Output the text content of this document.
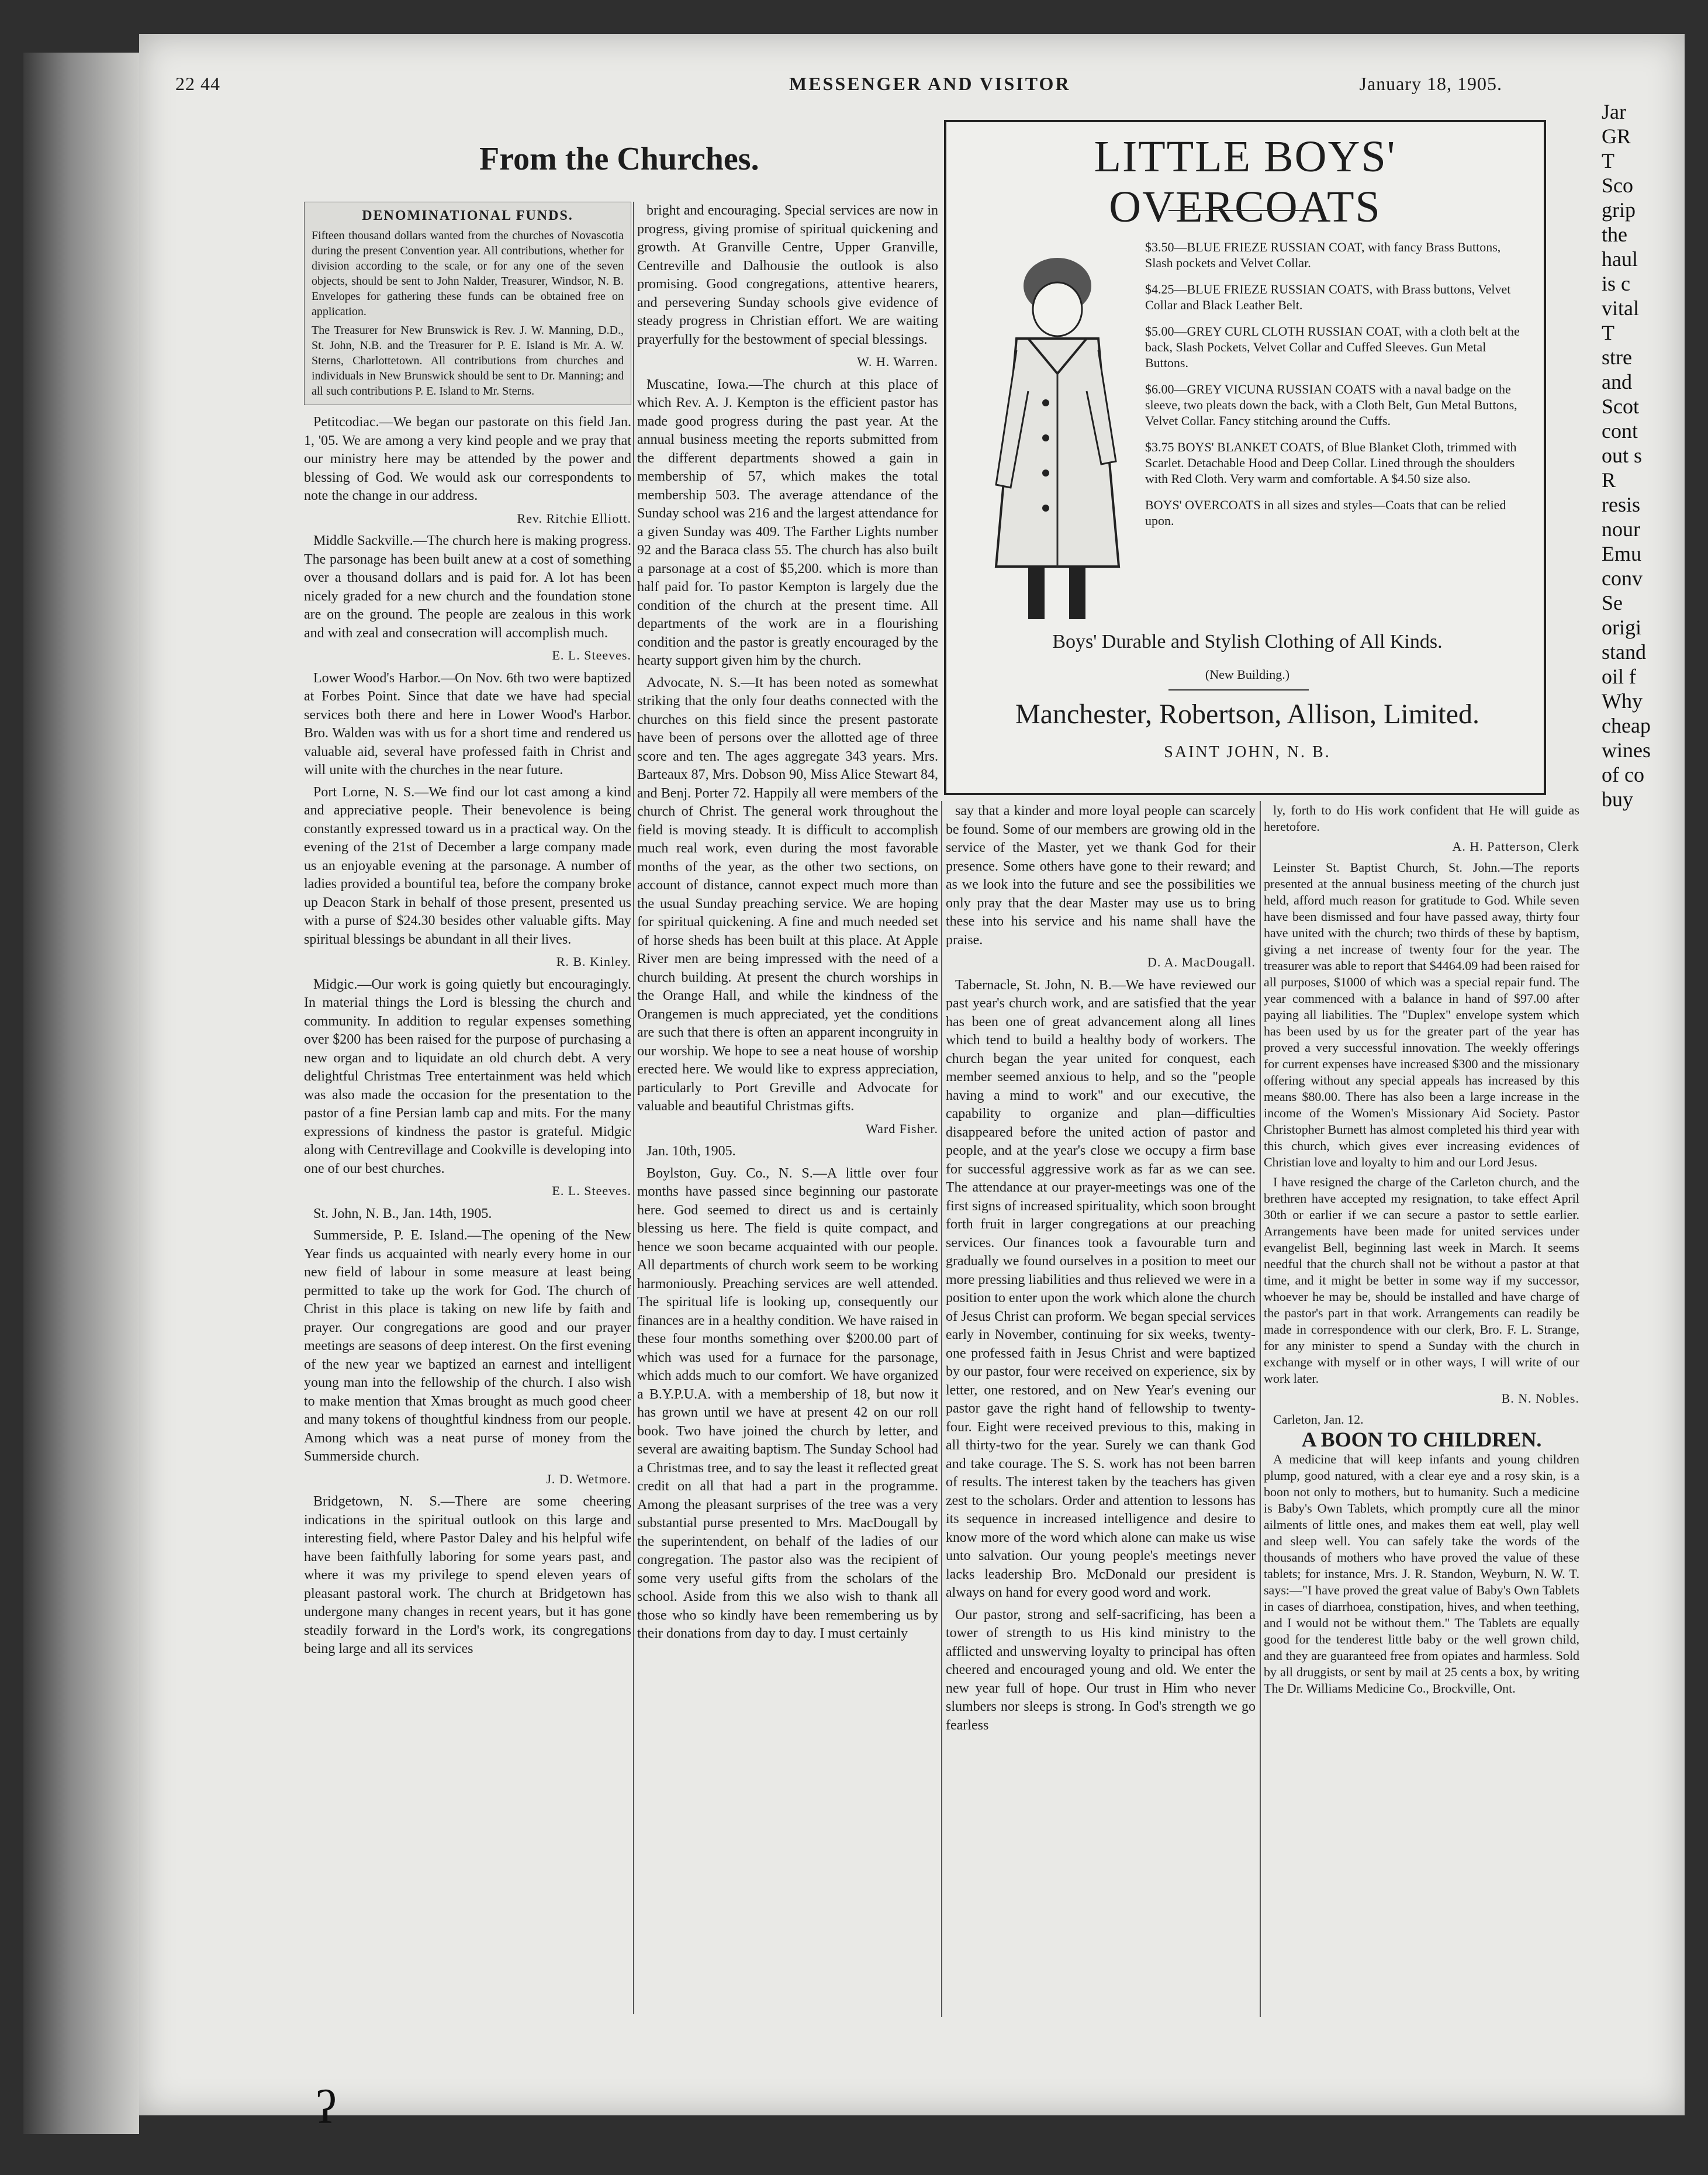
22 44	MESSENGER AND VISITOR	January 18, 1905.
From the Churches.
DENOMINATIONAL FUNDS.
Fifteen thousand dollars wanted from the churches of Novascotia during the present Convention year. All contributions, whether for division according to the scale, or for any one of the seven objects, should be sent to John Nalder, Treasurer, Windsor, N. B. Envelopes for gathering these funds can be obtained free on application.
The Treasurer for New Brunswick is Rev. J. W. Manning, D.D., St. John, N.B. and the Treasurer for P. E. Island is Mr. A. W. Sterns, Charlottetown. All contributions from churches and individuals in New Brunswick should be sent to Dr. Manning; and all such contributions P. E. Island to Mr. Sterns.

Petitcodiac.—We began our pastorate on this field Jan. 1, '05. We are among a very kind people and we pray that our ministry here may be attended by the power and blessing of God. We would ask our correspondents to note the change in our address.

Rev. Ritchie Elliott.

Middle Sackville.—The church here is making progress. The parsonage has been built anew at a cost of something over a thousand dollars and is paid for. A lot has been nicely graded for a new church and the foundation stone are on the ground. The people are zealous in this work and with zeal and consecration will accomplish much.

E. L. Steeves.

Lower Wood's Harbor.—On Nov. 6th two were baptized at Forbes Point. Since that date we have had special services both there and here in Lower Wood's Harbor. Bro. Walden was with us for a short time and rendered us valuable aid, several have professed faith in Christ and will unite with the churches in the near future.

Port Lorne, N. S.—We find our lot cast among a kind and appreciative people. Their benevolence is being constantly expressed toward us in a practical way. On the evening of the 21st of December a large company made us an enjoyable evening at the parsonage. A number of ladies provided a bountiful tea, before the company broke up Deacon Stark in behalf of those present, presented us with a purse of $24.30 besides other valuable gifts. May spiritual blessings be abundant in all their lives.

R. B. Kinley.

Midgic.—Our work is going quietly but encouragingly. In material things the Lord is blessing the church and community. In addition to regular expenses something over $200 has been raised for the purpose of purchasing a new organ and to liquidate an old church debt. A very delightful Christmas Tree entertainment was held which was also made the occasion for the presentation to the pastor of a fine Persian lamb cap and mits. For the many expressions of kindness the pastor is grateful. Midgic along with Centrevillage and Cookville is developing into one of our best churches.

E. L. Steeves.

St. John, N. B., Jan. 14th, 1905.

Summerside, P. E. Island.—The opening of the New Year finds us acquainted with nearly every home in our new field of labour in some measure at least being permitted to take up the work for God. The church of Christ in this place is taking on new life by faith and prayer. Our congregations are good and our prayer meetings are seasons of deep interest. On the first evening of the new year we baptized an earnest and intelligent young man into the fellowship of the church. I also wish to make mention that Xmas brought as much good cheer and many tokens of thoughtful kindness from our people. Among which was a neat purse of money from the Summerside church.

J. D. Wetmore.

Bridgetown, N. S.—There are some cheering indications in the spiritual outlook on this large and interesting field, where Pastor Daley and his helpful wife have been faithfully laboring for some years past, and where it was my privilege to spend eleven years of pleasant pastoral work. The church at Bridgetown has undergone many changes in recent years, but it has gone steadily forward in the Lord's work, its congregations being large and all its services

bright and encouraging. Special services are now in progress, giving promise of spiritual quickening and growth. At Granville Centre, Upper Granville, Centreville and Dalhousie the outlook is also promising. Good congregations, attentive hearers, and persevering Sunday schools give evidence of steady progress in Christian effort. We are waiting prayerfully for the bestowment of special blessings.

W. H. Warren.

Muscatine, Iowa.—The church at this place of which Rev. A. J. Kempton is the efficient pastor has made good progress during the past year. At the annual business meeting the reports submitted from the different departments showed a gain in membership of 57, which makes the total membership 503. The average attendance of the Sunday school was 216 and the largest attendance for a given Sunday was 409. The Farther Lights number 92 and the Baraca class 55. The church has also built a parsonage at a cost of $5,200. which is more than half paid for. To pastor Kempton is largely due the condition of the church at the present time. All departments of the work are in a flourishing condition and the pastor is greatly encouraged by the hearty support given him by the church.

Advocate, N. S.—It has been noted as somewhat striking that the only four deaths connected with the churches on this field since the present pastorate have been of persons over the allotted age of three score and ten. The ages aggregate 343 years. Mrs. Barteaux 87, Mrs. Dobson 90, Miss Alice Stewart 84, and Benj. Porter 72. Happily all were members of the church of Christ. The general work throughout the field is moving steady. It is difficult to accomplish much real work, even during the most favorable months of the year, as the other two sections, on account of distance, cannot expect much more than the usual Sunday preaching service. We are hoping for spiritual quickening. A fine and much needed set of horse sheds has been built at this place. At Apple River men are being impressed with the need of a church building. At present the church worships in the Orange Hall, and while the kindness of the Orangemen is much appreciated, yet the conditions are such that there is often an apparent incongruity in our worship. We hope to see a neat house of worship erected here. We would like to express appreciation, particularly to Port Greville and Advocate for valuable and beautiful Christmas gifts.

Ward Fisher.

Jan. 10th, 1905.

Boylston, Guy. Co., N. S.—A little over four months have passed since beginning our pastorate here. God seemed to direct us and is certainly blessing us here. The field is quite compact, and hence we soon became acquainted with our people. All departments of church work seem to be working harmoniously. Preaching services are well attended. The spiritual life is looking up, consequently our finances are in a healthy condition. We have raised in these four months something over $200.00 part of which was used for a furnace for the parsonage, which adds much to our comfort. We have organized a B.Y.P.U.A. with a membership of 18, but now it has grown until we have at present 42 on our roll book. Two have joined the church by letter, and several are awaiting baptism. The Sunday School had a Christmas tree, and to say the least it reflected great credit on all that had a part in the programme. Among the pleasant surprises of the tree was a very substantial purse presented to Mrs. MacDougall by the superintendent, on behalf of the ladies of our congregation. The pastor also was the recipient of some very useful gifts from the scholars of the school. Aside from this we also wish to thank all those who so kindly have been remembering us by their donations from day to day. I must certainly

LITTLE BOYS' OVERCOATS

$3.50—BLUE FRIEZE RUSSIAN COAT, with fancy Brass Buttons, Slash pockets and Velvet Collar.

$4.25—BLUE FRIEZE RUSSIAN COATS, with Brass buttons, Velvet Collar and Black Leather Belt.

$5.00—GREY CURL CLOTH RUSSIAN COAT, with a cloth belt at the back, Slash Pockets, Velvet Collar and Cuffed Sleeves. Gun Metal Buttons.

$6.00—GREY VICUNA RUSSIAN COATS with a naval badge on the sleeve, two pleats down the back, with a Cloth Belt, Gun Metal Buttons, Velvet Collar. Fancy stitching around the Cuffs.

$3.75 BOYS' BLANKET COATS, of Blue Blanket Cloth, trimmed with Scarlet. Detachable Hood and Deep Collar. Lined through the shoulders with Red Cloth. Very warm and comfortable. A $4.50 size also.

BOYS' OVERCOATS in all sizes and styles—Coats that can be relied upon.

Boys' Durable and Stylish Clothing of All Kinds.
(New Building.)
Manchester, Robertson, Allison, Limited.
SAINT JOHN, N. B.

say that a kinder and more loyal people can scarcely be found. Some of our members are growing old in the service of the Master, yet we thank God for their presence. Some others have gone to their reward; and as we look into the future and see the possibilities we only pray that the dear Master may use us to bring these into his service and his name shall have the praise.

D. A. MacDougall.

Tabernacle, St. John, N. B.—We have reviewed our past year's church work, and are satisfied that the year has been one of great advancement along all lines which tend to build a healthy body of workers. The church began the year united for conquest, each member seemed anxious to help, and so the "people having a mind to work" and our executive, the capability to organize and plan—difficulties disappeared before the united action of pastor and people, and at the year's close we occupy a firm base for successful aggressive work as far as we can see. The attendance at our prayer-meetings was one of the first signs of increased spirituality, which soon brought forth fruit in larger congregations at our preaching services. Our finances took a favourable turn and gradually we found ourselves in a position to meet our more pressing liabilities and thus relieved we were in a position to enter upon the work which alone the church of Jesus Christ can proform. We began special services early in November, continuing for six weeks, twenty-one professed faith in Jesus Christ and were baptized by our pastor, four were received on experience, six by letter, one restored, and on New Year's evening our pastor gave the right hand of fellowship to twenty-four. Eight were received previous to this, making in all thirty-two for the year. Surely we can thank God and take courage. The S. S. work has not been barren of results. The interest taken by the teachers has given zest to the scholars. Order and attention to lessons has its sequence in increased intelligence and desire to know more of the word which alone can make us wise unto salvation. Our young people's meetings never lacks leadership Bro. McDonald our president is always on hand for every good word and work.

Our pastor, strong and self-sacrificing, has been a tower of strength to us His kind ministry to the afflicted and unswerving loyalty to principal has often cheered and encouraged young and old. We enter the new year full of hope. Our trust in Him who never slumbers nor sleeps is strong. In God's strength we go fearless

ly, forth to do His work confident that He will guide as heretofore.

A. H. Patterson, Clerk

Leinster St. Baptist Church, St. John.—The reports presented at the annual business meeting of the church just held, afford much reason for gratitude to God. While seven have been dismissed and four have passed away, thirty four have united with the church; two thirds of these by baptism, giving a net increase of twenty four for the year. The treasurer was able to report that $4464.09 had been raised for all purposes, $1000 of which was a special repair fund. The year commenced with a balance in hand of $97.00 after paying all liabilities. The "Duplex" envelope system which has been used by us for the greater part of the year has proved a very successful innovation. The weekly offerings for current expenses have increased $300 and the missionary offering without any special appeals has increased by this means $80.00. There has also been a large increase in the income of the Women's Missionary Aid Society. Pastor Christopher Burnett has almost completed his third year with this church, which gives ever increasing evidences of Christian love and loyalty to him and our Lord Jesus.

I have resigned the charge of the Carleton church, and the brethren have accepted my resignation, to take effect April 30th or earlier if we can secure a pastor to settle earlier. Arrangements have been made for united services under evangelist Bell, beginning last week in March. It seems needful that the church shall not be without a pastor at that time, and it might be better in some way if my successor, whoever he may be, should be installed and have charge of the pastor's part in that work. Arrangements can readily be made in correspondence with our clerk, Bro. F. L. Strange, for any minister to spend a Sunday with the church in exchange with myself or in other ways, I will write of our work later.

B. N. Nobles.

Carleton, Jan. 12.

A BOON TO CHILDREN.

A medicine that will keep infants and young children plump, good natured, with a clear eye and a rosy skin, is a boon not only to mothers, but to humanity. Such a medicine is Baby's Own Tablets, which promptly cure all the minor ailments of little ones, and makes them eat well, play well and sleep well. You can safely take the words of the thousands of mothers who have proved the value of these tablets; for instance, Mrs. J. R. Standon, Weyburn, N. W. T. says:—"I have proved the great value of Baby's Own Tablets in cases of diarrhoea, constipation, hives, and when teething, and I would not be without them." The Tablets are equally good for the tenderest little baby or the well grown child, and they are guaranteed free from opiates and harmless. Sold by all druggists, or sent by mail at 25 cents a box, by writing The Dr. Williams Medicine Co., Brockville, Ont.

Jar
GR
T
Sco
grip
the
haul
is c
vital
T
stre
and
Scot
cont
out s
R
resis
nour
Emu
conv
Se
origi
stand
oil f
Why
cheap
wines
of co
buy
ʔ
